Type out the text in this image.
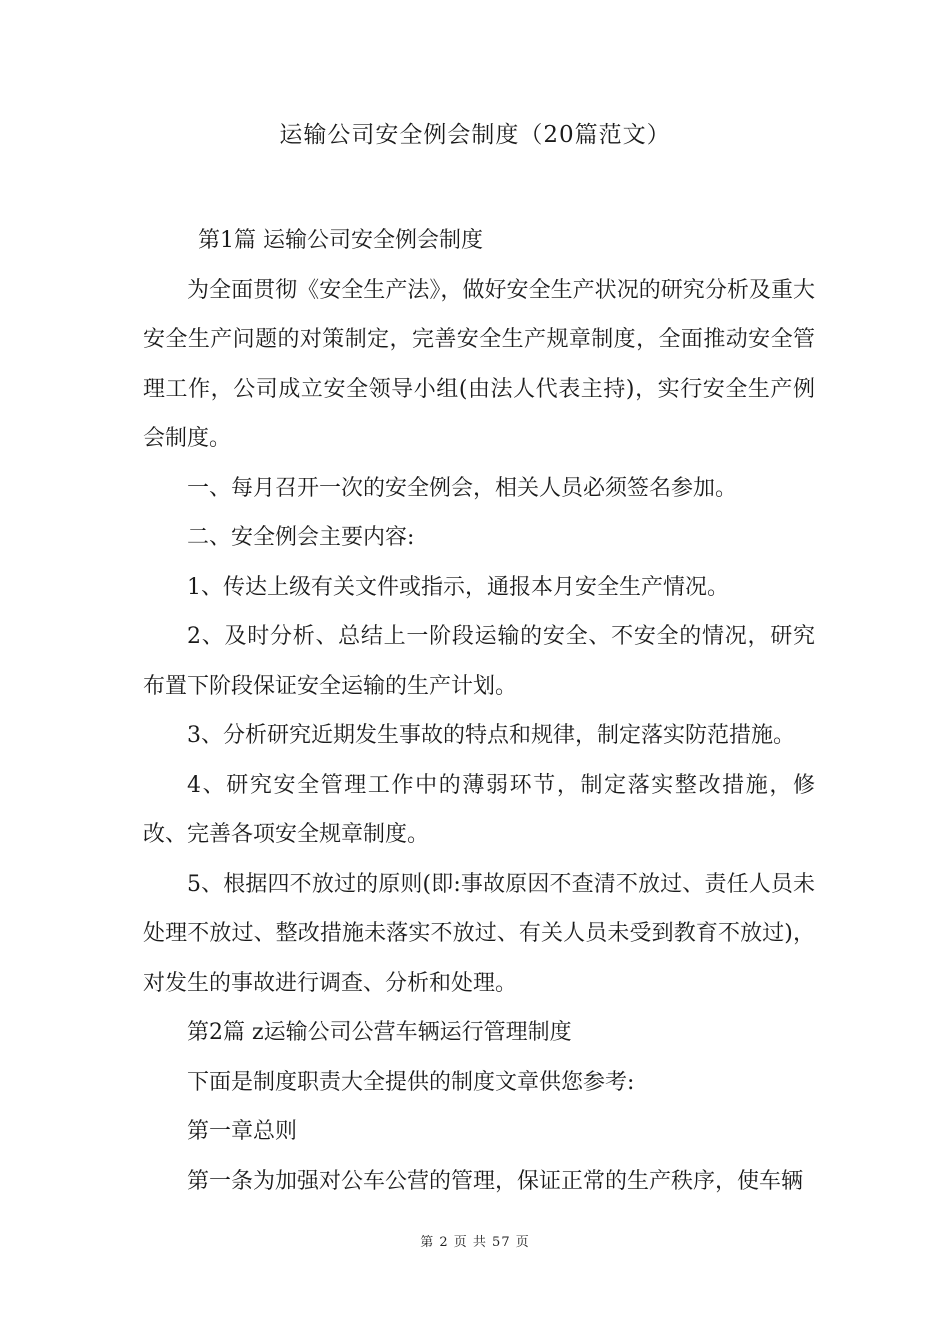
运输公司安全例会制度（20篇范文）

第1篇 运输公司安全例会制度

为全面贯彻《安全生产法》，做好安全生产状况的研究分析及重大安全生产问题的对策制定，完善安全生产规章制度，全面推动安全管理工作，公司成立安全领导小组(由法人代表主持)，实行安全生产例会制度。

一、每月召开一次的安全例会，相关人员必须签名参加。

二、安全例会主要内容:

1、传达上级有关文件或指示，通报本月安全生产情况。

2、及时分析、总结上一阶段运输的安全、不安全的情况，研究布置下阶段保证安全运输的生产计划。

3、分析研究近期发生事故的特点和规律，制定落实防范措施。

4、研究安全管理工作中的薄弱环节，制定落实整改措施，修改、完善各项安全规章制度。

5、根据四不放过的原则(即:事故原因不查清不放过、责任人员未处理不放过、整改措施未落实不放过、有关人员未受到教育不放过)，对发生的事故进行调查、分析和处理。

第2篇 z运输公司公营车辆运行管理制度

下面是制度职责大全提供的制度文章供您参考:

第一章总则

第一条为加强对公车公营的管理，保证正常的生产秩序，使车辆

第 2 页 共 57 页
